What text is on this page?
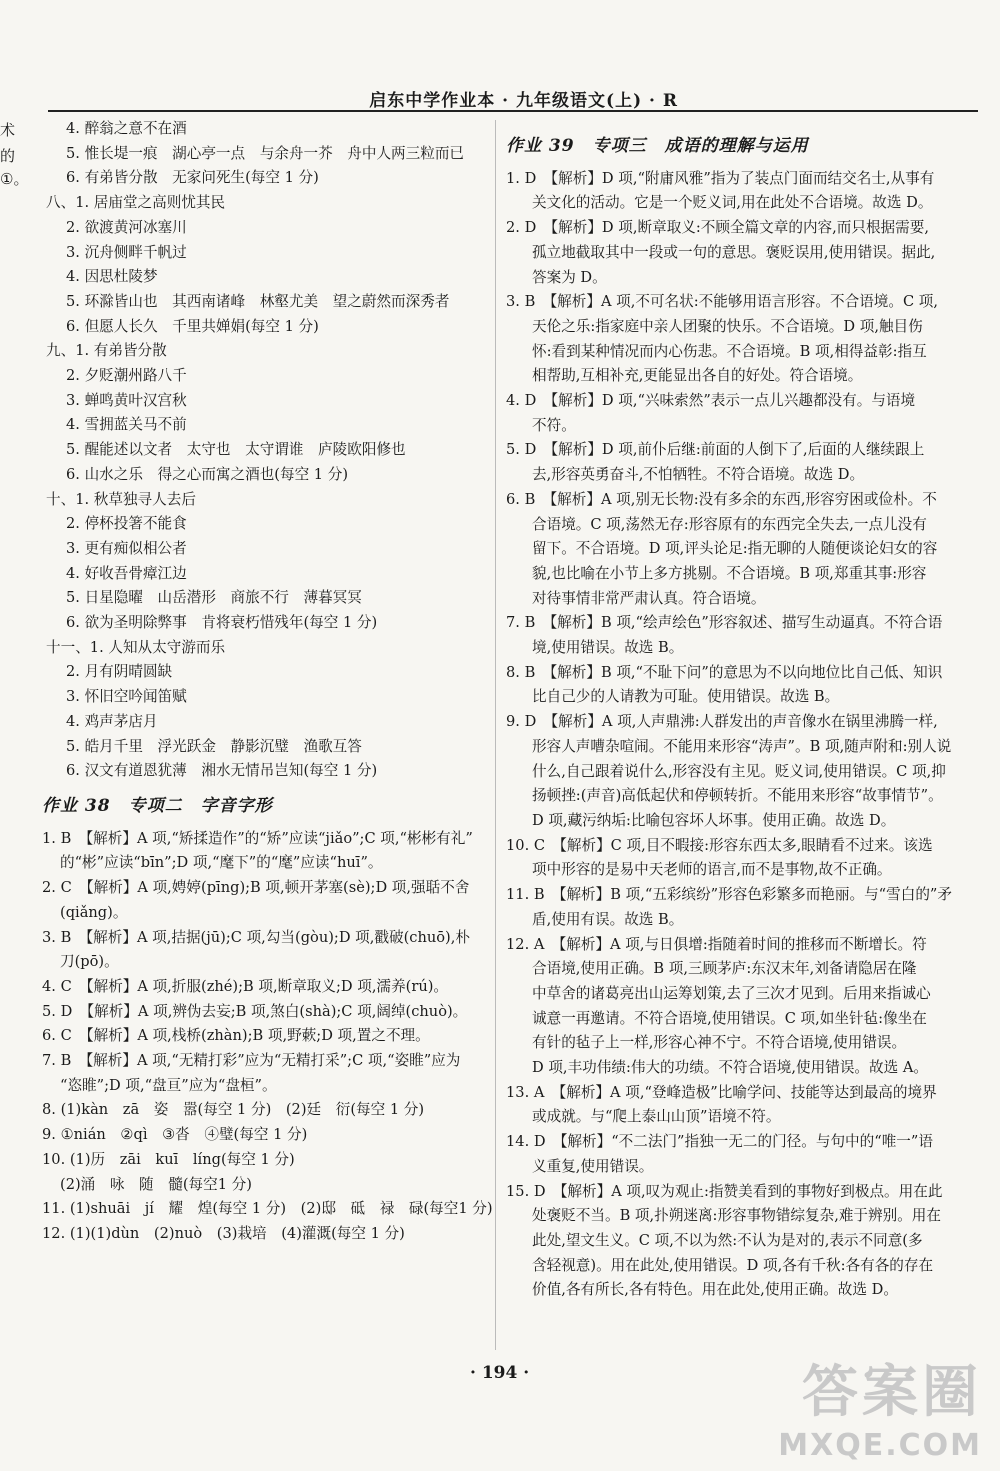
启东中学作业本 · 九年级语文(上) · R
术
的
①。
4. 醉翁之意不在酒
5. 惟长堤一痕　湖心亭一点　与余舟一芥　舟中人两三粒而已
6. 有弟皆分散　无家问死生(每空 1 分)
八、1. 居庙堂之高则忧其民
2. 欲渡黄河冰塞川
3. 沉舟侧畔千帆过
4. 因思杜陵梦
5. 环滁皆山也　其西南诸峰　林壑尤美　望之蔚然而深秀者
6. 但愿人长久　千里共婵娟(每空 1 分)
九、1. 有弟皆分散
2. 夕贬潮州路八千
3. 蝉鸣黄叶汉宫秋
4. 雪拥蓝关马不前
5. 醒能述以文者　太守也　太守谓谁　庐陵欧阳修也
6. 山水之乐　得之心而寓之酒也(每空 1 分)
十、1. 秋草独寻人去后
2. 停杯投箸不能食
3. 更有痴似相公者
4. 好收吾骨瘴江边
5. 日星隐曜　山岳潜形　商旅不行　薄暮冥冥
6. 欲为圣明除弊事　肯将衰朽惜残年(每空 1 分)
十一、1. 人知从太守游而乐
2. 月有阴晴圆缺
3. 怀旧空吟闻笛赋
4. 鸡声茅店月
5. 皓月千里　浮光跃金　静影沉璧　渔歌互答
6. 汉文有道恩犹薄　湘水无情吊岂知(每空 1 分)
作业 38　专项二　字音字形
1. B　【解析】A 项,“矫揉造作”的“矫”应读“jiǎo”;C 项,“彬彬有礼”
的“彬”应读“bīn”;D 项,“麾下”的“麾”应读“huī”。
2. C　【解析】A 项,娉婷(pīng);B 项,顿开茅塞(sè);D 项,强聒不舍
(qiǎng)。
3. B　【解析】A 项,拮据(jū);C 项,勾当(gòu);D 项,戳破(chuō),朴
刀(pō)。
4. C　【解析】A 项,折服(zhé);B 项,断章取义;D 项,濡养(rú)。
5. D　【解析】A 项,辨伪去妄;B 项,煞白(shà);C 项,阔绰(chuò)。
6. C　【解析】A 项,栈桥(zhàn);B 项,野蔌;D 项,置之不理。
7. B　【解析】A 项,“无精打彩”应为“无精打采”;C 项,“姿睢”应为
“恣睢”;D 项,“盘亘”应为“盘桓”。
8. (1)kàn　zā　姿　嚣(每空 1 分)　(2)廷　衍(每空 1 分)
9. ①nián　②qì　③沓　④璧(每空 1 分)
10. (1)历　zāi　kuī　líng(每空 1 分)
(2)涌　咏　随　髓(每空1 分)
11. (1)shuāi　jí　耀　煌(每空 1 分)　(2)邸　砥　禄　碌(每空1 分)
12. (1)(1)dùn　(2)nuò　(3)栽培　(4)灌溉(每空 1 分)
作业 39　专项三　成语的理解与运用
1. D　【解析】D 项,“附庸风雅”指为了装点门面而结交名士,从事有
关文化的活动。它是一个贬义词,用在此处不合语境。故选 D。
2. D　【解析】D 项,断章取义:不顾全篇文章的内容,而只根据需要,
孤立地截取其中一段或一句的意思。褒贬误用,使用错误。据此,
答案为 D。
3. B　【解析】A 项,不可名状:不能够用语言形容。不合语境。C 项,
天伦之乐:指家庭中亲人团聚的快乐。不合语境。D 项,触目伤
怀:看到某种情况而内心伤悲。不合语境。B 项,相得益彰:指互
相帮助,互相补充,更能显出各自的好处。符合语境。
4. D　【解析】D 项,“兴味索然”表示一点儿兴趣都没有。与语境
不符。
5. D　【解析】D 项,前仆后继:前面的人倒下了,后面的人继续跟上
去,形容英勇奋斗,不怕牺牲。不符合语境。故选 D。
6. B　【解析】A 项,别无长物:没有多余的东西,形容穷困或俭朴。不
合语境。C 项,荡然无存:形容原有的东西完全失去,一点儿没有
留下。不合语境。D 项,评头论足:指无聊的人随便谈论妇女的容
貌,也比喻在小节上多方挑剔。不合语境。B 项,郑重其事:形容
对待事情非常严肃认真。符合语境。
7. B　【解析】B 项,“绘声绘色”形容叙述、描写生动逼真。不符合语
境,使用错误。故选 B。
8. B　【解析】B 项,“不耻下问”的意思为不以向地位比自己低、知识
比自己少的人请教为可耻。使用错误。故选 B。
9. D　【解析】A 项,人声鼎沸:人群发出的声音像水在锅里沸腾一样,
形容人声嘈杂喧闹。不能用来形容“涛声”。B 项,随声附和:别人说
什么,自己跟着说什么,形容没有主见。贬义词,使用错误。C 项,抑
扬顿挫:(声音)高低起伏和停顿转折。不能用来形容“故事情节”。
D 项,藏污纳垢:比喻包容坏人坏事。使用正确。故选 D。
10. C　【解析】C 项,目不暇接:形容东西太多,眼睛看不过来。该选
项中形容的是易中天老师的语言,而不是事物,故不正确。
11. B　【解析】B 项,“五彩缤纷”形容色彩繁多而艳丽。与“雪白的”矛
盾,使用有误。故选 B。
12. A　【解析】A 项,与日俱增:指随着时间的推移而不断增长。符
合语境,使用正确。B 项,三顾茅庐:东汉末年,刘备请隐居在隆
中草舍的诸葛亮出山运筹划策,去了三次才见到。后用来指诚心
诚意一再邀请。不符合语境,使用错误。C 项,如坐针毡:像坐在
有针的毡子上一样,形容心神不宁。不符合语境,使用错误。
D 项,丰功伟绩:伟大的功绩。不符合语境,使用错误。故选 A。
13. A　【解析】A 项,“登峰造极”比喻学问、技能等达到最高的境界
或成就。与“爬上泰山山顶”语境不符。
14. D　【解析】“不二法门”指独一无二的门径。与句中的“唯一”语
义重复,使用错误。
15. D　【解析】A 项,叹为观止:指赞美看到的事物好到极点。用在此
处褒贬不当。B 项,扑朔迷离:形容事物错综复杂,难于辨别。用在
此处,望文生义。C 项,不以为然:不认为是对的,表示不同意(多
含轻视意)。用在此处,使用错误。D 项,各有千秋:各有各的存在
价值,各有所长,各有特色。用在此处,使用正确。故选 D。
· 194 ·	答案圈
MXQE.COM
